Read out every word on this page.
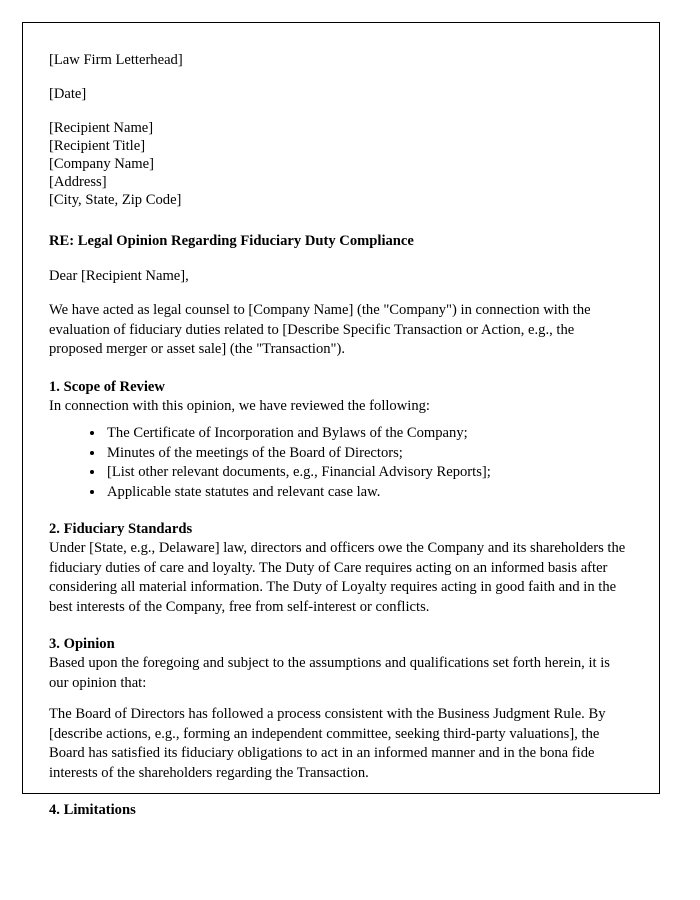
[Law Firm Letterhead]

[Date]

[Recipient Name]

[Recipient Title]

[Company Name]

[Address]

[City, State, Zip Code]

RE: Legal Opinion Regarding Fiduciary Duty Compliance

Dear [Recipient Name],

We have acted as legal counsel to [Company Name] (the "Company") in connection with the evaluation of fiduciary duties related to [Describe Specific Transaction or Action, e.g., the proposed merger or asset sale] (the "Transaction").

1. Scope of Review

In connection with this opinion, we have reviewed the following:

• The Certificate of Incorporation and Bylaws of the Company;
• Minutes of the meetings of the Board of Directors;
• [List other relevant documents, e.g., Financial Advisory Reports];
• Applicable state statutes and relevant case law.

2. Fiduciary Standards

Under [State, e.g., Delaware] law, directors and officers owe the Company and its shareholders the fiduciary duties of care and loyalty. The Duty of Care requires acting on an informed basis after considering all material information. The Duty of Loyalty requires acting in good faith and in the best interests of the Company, free from self-interest or conflicts.

3. Opinion

Based upon the foregoing and subject to the assumptions and qualifications set forth herein, it is our opinion that:

The Board of Directors has followed a process consistent with the Business Judgment Rule. By [describe actions, e.g., forming an independent committee, seeking third-party valuations], the Board has satisfied its fiduciary obligations to act in an informed manner and in the bona fide interests of the shareholders regarding the Transaction.

4. Limitations
